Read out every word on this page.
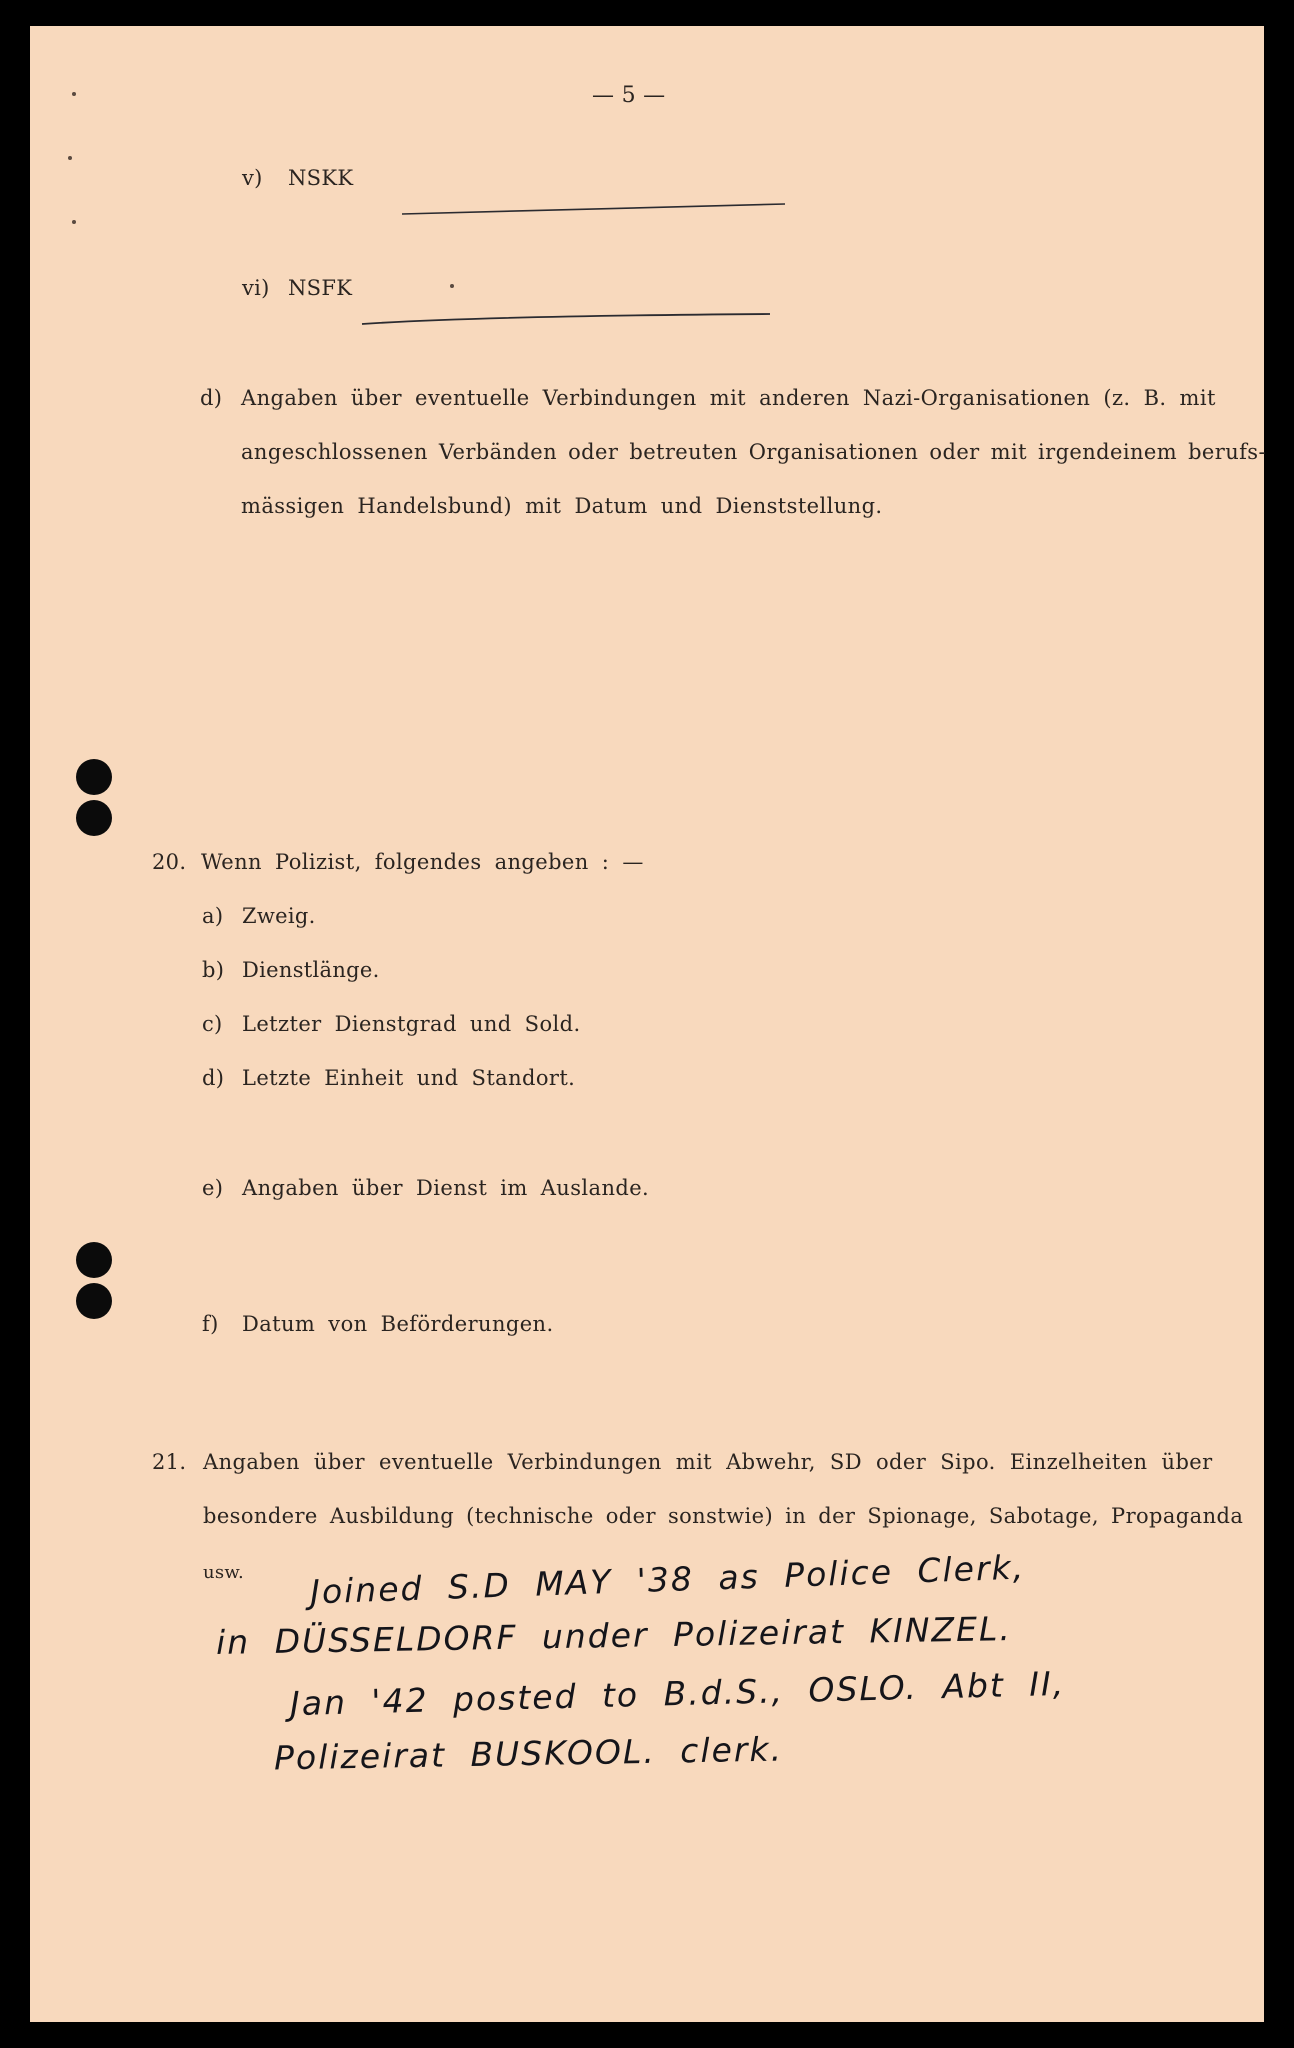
— 5 —

v) NSKK

vi) NSFK

d) Angaben über eventuelle Verbindungen mit anderen Nazi-Organisationen (z. B. mit

angeschlossenen Verbänden oder betreuten Organisationen oder mit irgendeinem berufs-

mässigen Handelsbund) mit Datum und Dienststellung.

20. Wenn Polizist, folgendes angeben : —

a) Zweig.

b) Dienstlänge.

c) Letzter Dienstgrad und Sold.

d) Letzte Einheit und Standort.

e) Angaben über Dienst im Auslande.

f) Datum von Beförderungen.

21. Angaben über eventuelle Verbindungen mit Abwehr, SD oder Sipo. Einzelheiten über

besondere Ausbildung (technische oder sonstwie) in der Spionage, Sabotage, Propaganda

usw. Joined S.D MAY '38 as Police Clerk,

in DÜSSELDORF under Polizeirat KINZEL.

Jan '42 posted to B.d.S., OSLO. Abt II,

Polizeirat BUSKOOL. clerk.
